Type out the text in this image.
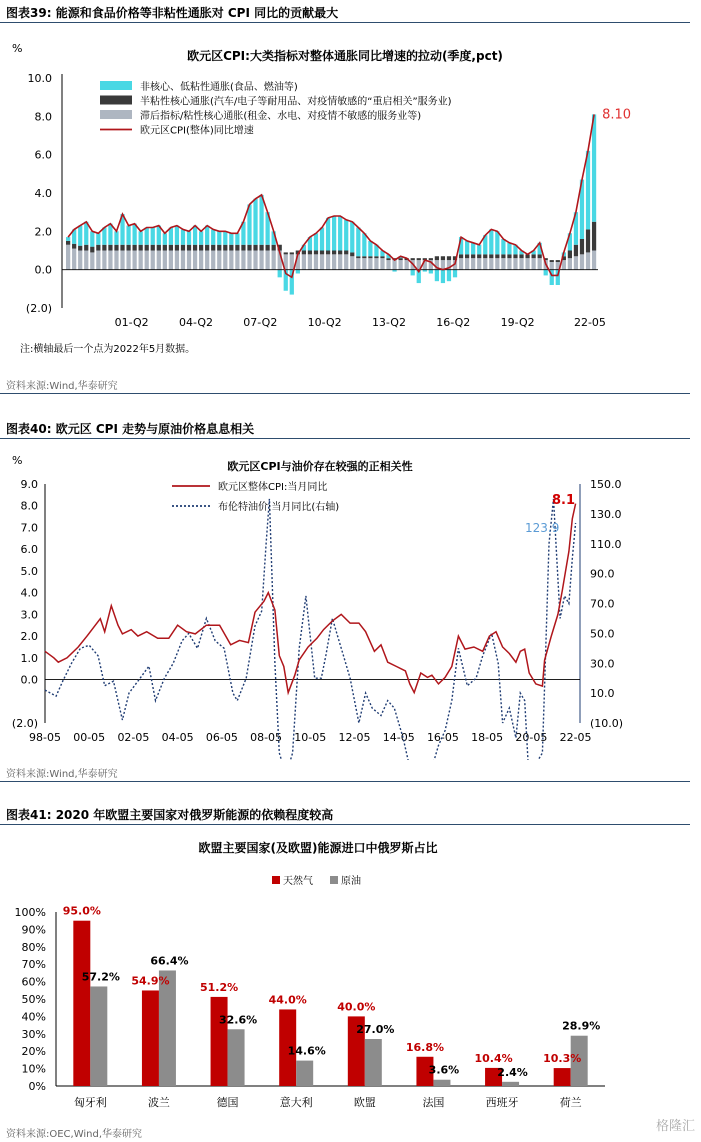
图表39: 能源和食品价格等非粘性通胀对 CPI 同比的贡献最大
%
欧元区CPI:大类指标对整体通胀同比增速的拉动(季度,pct)
(2.0)
0.0
2.0
4.0
6.0
8.0
10.0
8.10
01-Q2	04-Q2	07-Q2	10-Q2	13-Q2	16-Q2	19-Q2	22-05
注:横轴最后一个点为2022年5月数据。
非核心、低粘性通胀(食品、燃油等)
半粘性核心通胀(汽车/电子等耐用品、对疫情敏感的“重启相关”服务业)
滞后指标/粘性核心通胀(租金、水电、对疫情不敏感的服务业等)
欧元区CPI(整体)同比增速
资料来源:Wind,华泰研究
图表40: 欧元区 CPI 走势与原油价格息息相关
%	欧元区CPI与油价存在较强的正相关性
(2.0)
0.0
1.0
2.0
3.0
4.0
5.0
6.0
7.0
8.0
9.0
(10.0)
10.0
30.0
50.0
70.0
90.0
110.0
130.0
150.0
98-05 00-05 02-05 04-05 06-05 08-05 10-05 12-05 14-05 16-05 18-05 20-05 22-05
欧元区整体CPI:当月同比
布伦特油价:当月同比(右轴)	8.1
123.9
资料来源:Wind,华泰研究
图表41: 2020 年欧盟主要国家对俄罗斯能源的依赖程度较高
欧盟主要国家(及欧盟)能源进口中俄罗斯占比
天然气	原油
0%
10%
20%
30%
40%
50%
60%
70%
80%
90%
100% 95.0%
57.2%
匈牙利
54.9%
66.4%
波兰
51.2%
32.6%
德国
44.0%
14.6%
意大利
40.0%
27.0%
欧盟
16.8%
3.6%
法国
10.4%
2.4%
西班牙
10.3%
28.9%
荷兰
资料来源:OEC,Wind,华泰研究
格隆汇
